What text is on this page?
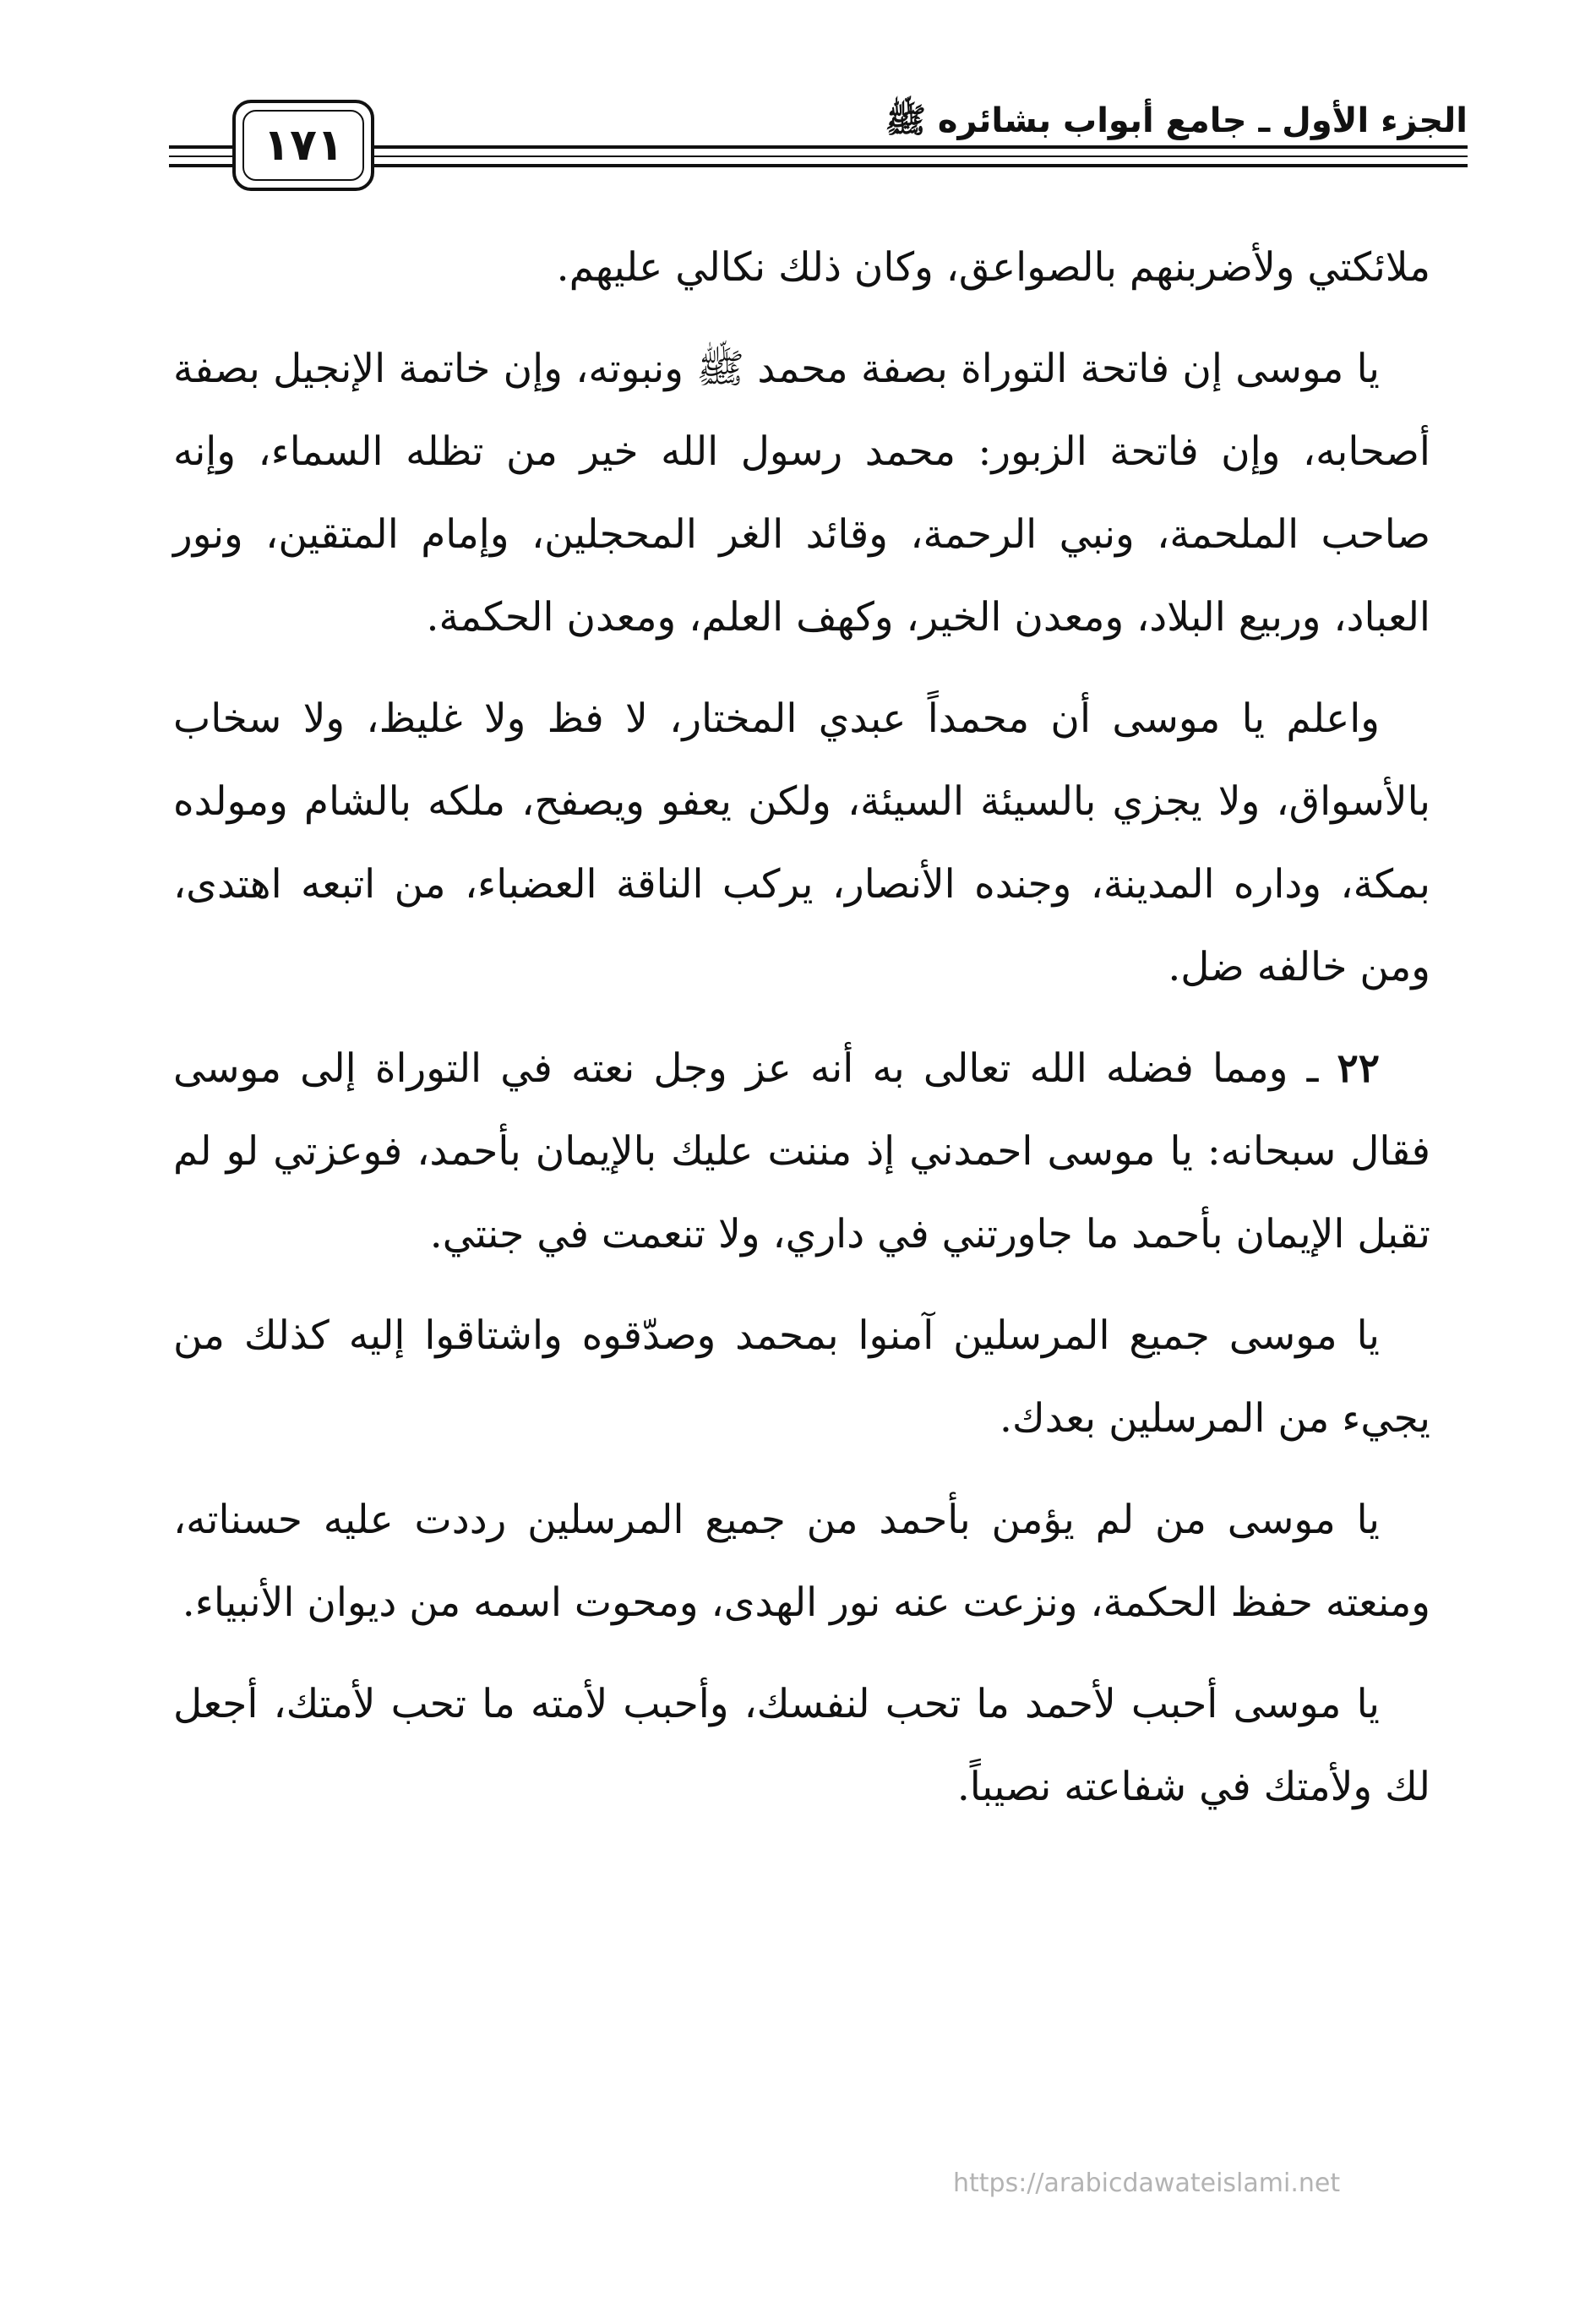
الجزء الأول ـ جامع أبواب بشائره ﷺ
١٧١

ملائكتي ولأضربنهم بالصواعق، وكان ذلك نكالي عليهم.

يا موسى إن فاتحة التوراة بصفة محمد ﷺ ونبوته، وإن خاتمة الإنجيل بصفة أصحابه، وإن فاتحة الزبور: محمد رسول الله خير من تظله السماء، وإنه صاحب الملحمة، ونبي الرحمة، وقائد الغر المحجلين، وإمام المتقين، ونور العباد، وربيع البلاد، ومعدن الخير، وكهف العلم، ومعدن الحكمة.

واعلم يا موسى أن محمداً عبدي المختار، لا فظ ولا غليظ، ولا سخاب بالأسواق، ولا يجزي بالسيئة السيئة، ولكن يعفو ويصفح، ملكه بالشام ومولده بمكة، وداره المدينة، وجنده الأنصار، يركب الناقة العضباء، من اتبعه اهتدى، ومن خالفه ضل.

٢٢ ـ ومما فضله الله تعالى به أنه عز وجل نعته في التوراة إلى موسى فقال سبحانه: يا موسى احمدني إذ مننت عليك بالإيمان بأحمد، فوعزتي لو لم تقبل الإيمان بأحمد ما جاورتني في داري، ولا تنعمت في جنتي.

يا موسى جميع المرسلين آمنوا بمحمد وصدّقوه واشتاقوا إليه كذلك من يجيء من المرسلين بعدك.

يا موسى من لم يؤمن بأحمد من جميع المرسلين رددت عليه حسناته، ومنعته حفظ الحكمة، ونزعت عنه نور الهدى، ومحوت اسمه من ديوان الأنبياء.

يا موسى أحبب لأحمد ما تحب لنفسك، وأحبب لأمته ما تحب لأمتك، أجعل لك ولأمتك في شفاعته نصيباً.

https://arabicdawateislami.net
